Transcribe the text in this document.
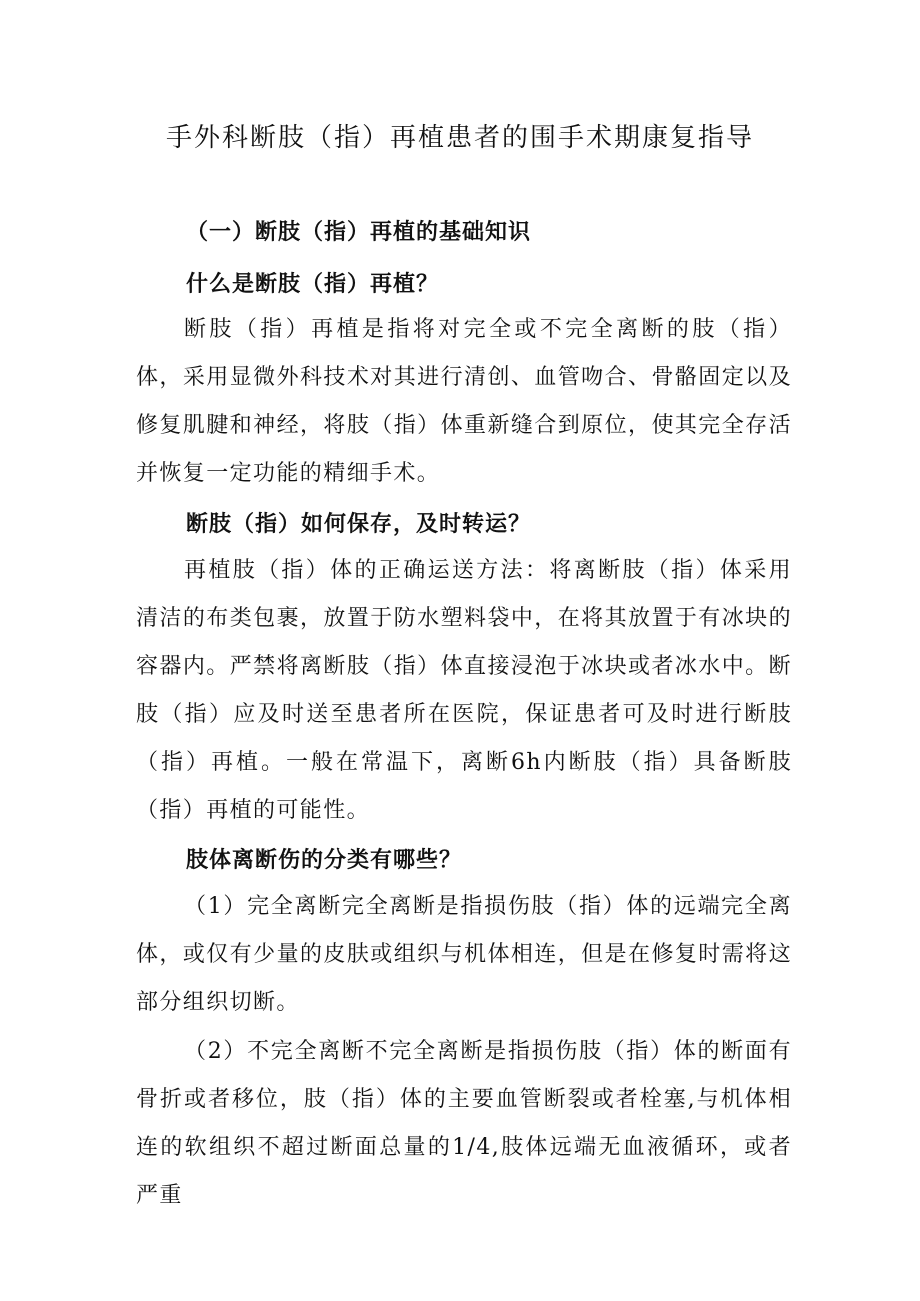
手外科断肢（指）再植患者的围手术期康复指导
（一）断肢（指）再植的基础知识
什么是断肢（指）再植？

断肢（指）再植是指将对完全或不完全离断的肢（指）体，采用显微外科技术对其进行清创、血管吻合、骨骼固定以及修复肌腱和神经，将肢（指）体重新缝合到原位，使其完全存活并恢复一定功能的精细手术。

断肢（指）如何保存，及时转运？

再植肢（指）体的正确运送方法：将离断肢（指）体采用清洁的布类包裹，放置于防水塑料袋中，在将其放置于有冰块的容器内。严禁将离断肢（指）体直接浸泡于冰块或者冰水中。断肢（指）应及时送至患者所在医院，保证患者可及时进行断肢（指）再植。一般在常温下，离断6h内断肢（指）具备断肢（指）再植的可能性。

肢体离断伤的分类有哪些？

（1）完全离断完全离断是指损伤肢（指）体的远端完全离体，或仅有少量的皮肤或组织与机体相连，但是在修复时需将这部分组织切断。

（2）不完全离断不完全离断是指损伤肢（指）体的断面有骨折或者移位，肢（指）体的主要血管断裂或者栓塞,与机体相连的软组织不超过断面总量的1/4,肢体远端无血液循环，或者严重
